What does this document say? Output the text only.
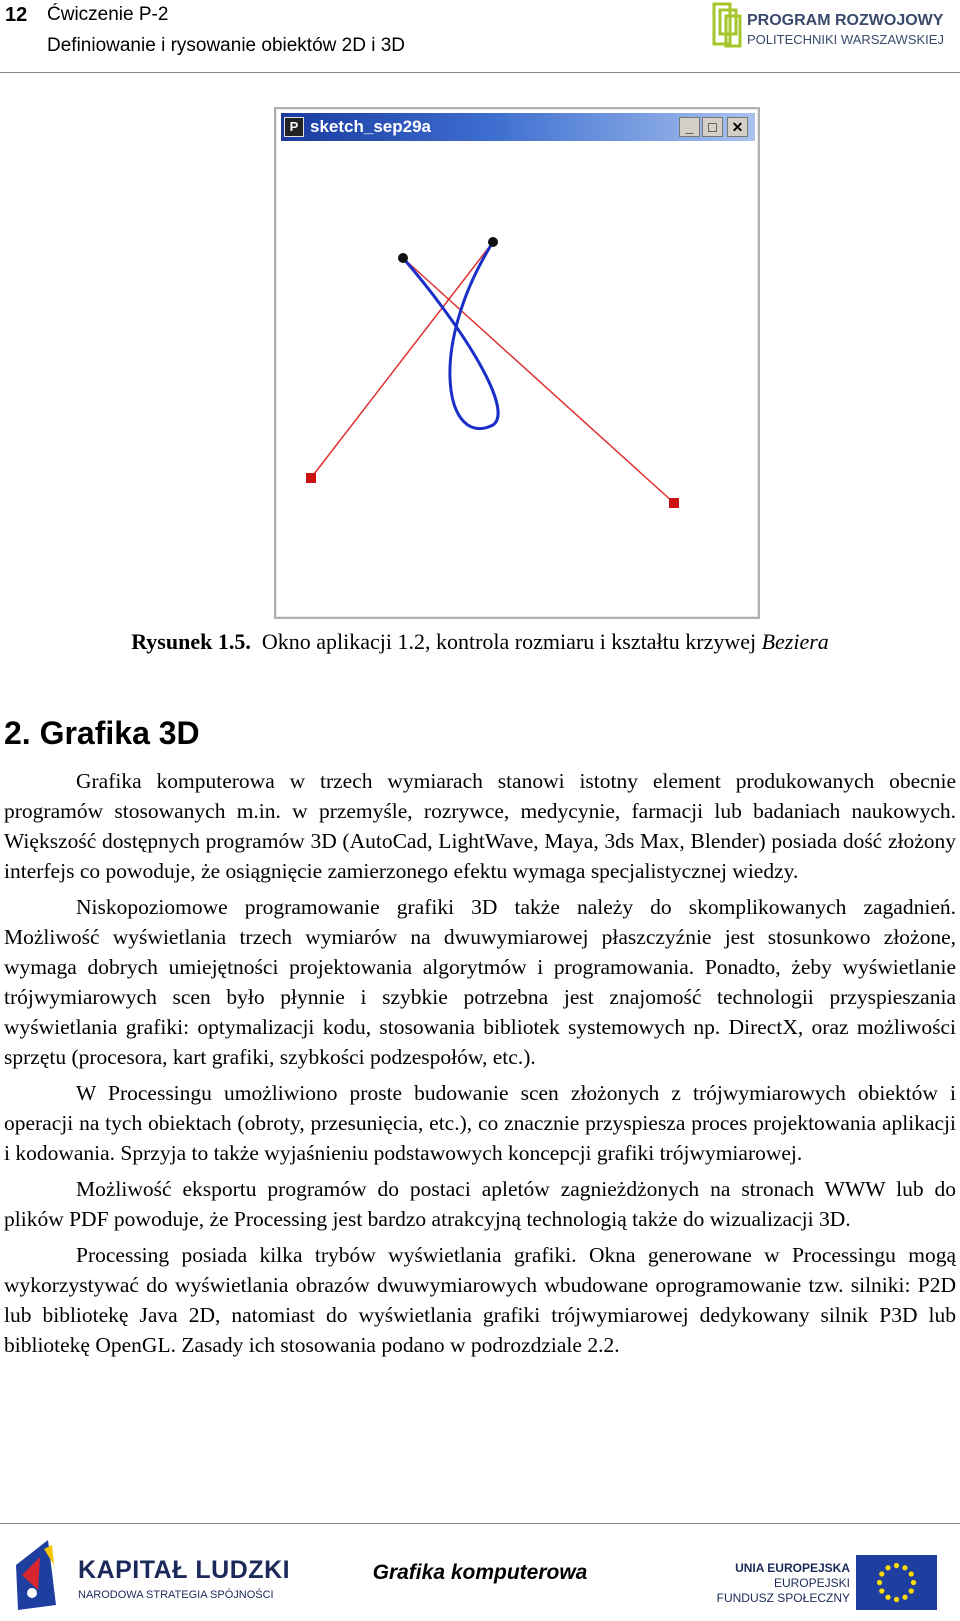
12 Ćwiczenie P-2
Definiowanie i rysowanie obiektów 2D i 3D
PROGRAM ROZWOJOWY
POLITECHNIKI WARSZAWSKIEJ
P sketch_sep29a	_	□	✕
Rysunek 1.5. Okno aplikacji 1.2, kontrola rozmiaru i kształtu krzywej Beziera
2. Grafika 3D

Grafika komputerowa w trzech wymiarach stanowi istotny element produkowanych obecnie programów stosowanych m.in. w przemyśle, rozrywce, medycynie, farmacji lub badaniach naukowych. Większość dostępnych programów 3D (AutoCad, LightWave, Maya, 3ds Max, Blender) posiada dość złożony interfejs co powoduje, że osiągnięcie zamierzonego efektu wymaga specjalistycznej wiedzy.

Niskopoziomowe programowanie grafiki 3D także należy do skomplikowanych zagadnień. Możliwość wyświetlania trzech wymiarów na dwuwymiarowej płaszczyźnie jest stosunkowo złożone, wymaga dobrych umiejętności projektowania algorytmów i programowania. Ponadto, żeby wyświetlanie trójwymiarowych scen było płynnie i szybkie potrzebna jest znajomość technologii przyspieszania wyświetlania grafiki: optymalizacji kodu, stosowania bibliotek systemowych np. DirectX, oraz możliwości sprzętu (procesora, kart grafiki, szybkości podzespołów, etc.).

W Processingu umożliwiono proste budowanie scen złożonych z trójwymiarowych obiektów i operacji na tych obiektach (obroty, przesunięcia, etc.), co znacznie przyspiesza proces projektowania aplikacji i kodowania. Sprzyja to także wyjaśnieniu podstawowych koncepcji grafiki trójwymiarowej.

Możliwość eksportu programów do postaci apletów zagnieżdżonych na stronach WWW lub do plików PDF powoduje, że Processing jest bardzo atrakcyjną technologią także do wizualizacji 3D.

Processing posiada kilka trybów wyświetlania grafiki. Okna generowane w Processingu mogą wykorzystywać do wyświetlania obrazów dwuwymiarowych wbudowane oprogramowanie tzw. silniki: P2D lub bibliotekę Java 2D, natomiast do wyświetlania grafiki trójwymiarowej dedykowany silnik P3D lub bibliotekę OpenGL. Zasady ich stosowania podano w podrozdziale 2.2.

KAPITAŁ LUDZKI
NARODOWA STRATEGIA SPÓJNOŚCI
Grafika komputerowa	UNIA EUROPEJSKA
EUROPEJSKI
FUNDUSZ SPOŁECZNY
